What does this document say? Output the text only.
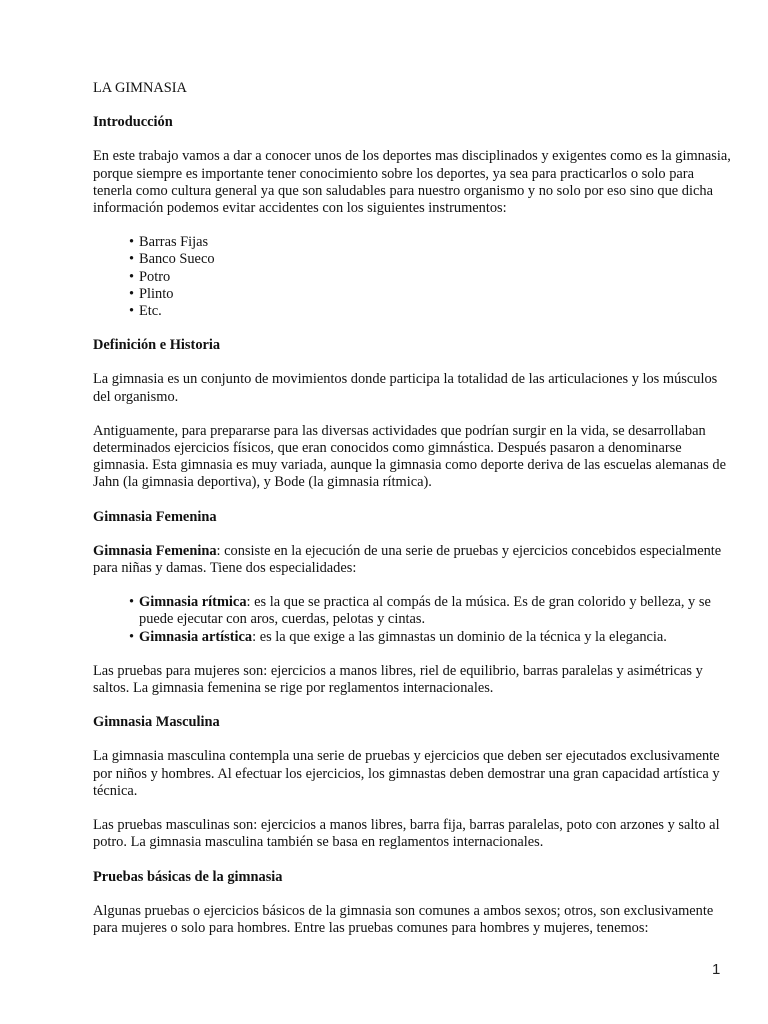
LA GIMNASIA

Introducción

En este trabajo vamos a dar a conocer unos de los deportes mas disciplinados y exigentes como es la gimnasia, porque siempre es importante tener conocimiento sobre los deportes, ya sea para practicarlos o solo para tenerla como cultura general ya que son saludables para nuestro organismo y no solo por eso sino que dicha información podemos evitar accidentes con los siguientes instrumentos:

• Barras Fijas
• Banco Sueco
• Potro
• Plinto
• Etc.

Definición e Historia

La gimnasia es un conjunto de movimientos donde participa la totalidad de las articulaciones y los músculos del organismo.

Antiguamente, para prepararse para las diversas actividades que podrían surgir en la vida, se desarrollaban determinados ejercicios físicos, que eran conocidos como gimnástica. Después pasaron a denominarse gimnasia. Esta gimnasia es muy variada, aunque la gimnasia como deporte deriva de las escuelas alemanas de Jahn (la gimnasia deportiva), y Bode (la gimnasia rítmica).

Gimnasia Femenina

Gimnasia Femenina: consiste en la ejecución de una serie de pruebas y ejercicios concebidos especialmente para niñas y damas. Tiene dos especialidades:

• Gimnasia rítmica: es la que se practica al compás de la música. Es de gran colorido y belleza, y se puede ejecutar con aros, cuerdas, pelotas y cintas.
• Gimnasia artística: es la que exige a las gimnastas un dominio de la técnica y la elegancia.

Las pruebas para mujeres son: ejercicios a manos libres, riel de equilibrio, barras paralelas y asimétricas y saltos. La gimnasia femenina se rige por reglamentos internacionales.

Gimnasia Masculina

La gimnasia masculina contempla una serie de pruebas y ejercicios que deben ser ejecutados exclusivamente por niños y hombres. Al efectuar los ejercicios, los gimnastas deben demostrar una gran capacidad artística y técnica.

Las pruebas masculinas son: ejercicios a manos libres, barra fija, barras paralelas, poto con arzones y salto al potro. La gimnasia masculina también se basa en reglamentos internacionales.

Pruebas básicas de la gimnasia

Algunas pruebas o ejercicios básicos de la gimnasia son comunes a ambos sexos; otros, son exclusivamente para mujeres o solo para hombres. Entre las pruebas comunes para hombres y mujeres, tenemos:

1
